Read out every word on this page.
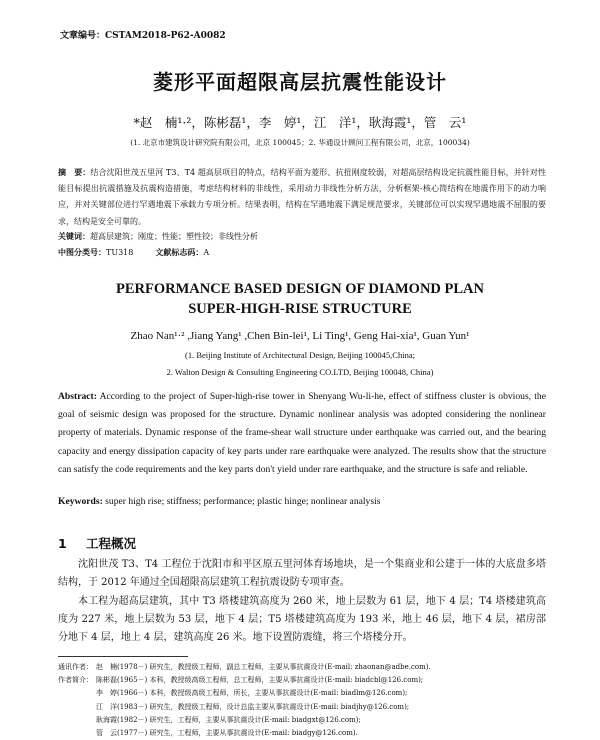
文章编号：CSTAM2018-P62-A0082
菱形平面超限高层抗震性能设计
*赵　楠¹·²，陈彬磊¹，李　婷¹，江　洋¹，耿海霞¹，管　云¹
(1. 北京市建筑设计研究院有限公司，北京 100045；2. 华通设计顾问工程有限公司，北京，100034)
摘　要：结合沈阳世茂五里河 T3、T4 超高层项目的特点，结构平面为菱形、抗扭刚度较弱，对超高层结构设定抗震性能目标，并针对性能目标提出抗震措施及抗震构造措施，考虑结构材料的非线性，采用动力非线性分析方法，分析框架-核心筒结构在地震作用下的动力响应，并对关键部位进行罕遇地震下承载力专项分析。结果表明，结构在罕遇地震下满足规范要求，关键部位可以实现罕遇地震不屈服的要求，结构是安全可靠的。
关键词：超高层建筑；刚度；性能；塑性铰；非线性分析
中图分类号：TU318	文献标志码：A
PERFORMANCE BASED DESIGN OF DIAMOND PLAN
SUPER-HIGH-RISE STRUCTURE
Zhao Nan¹·² ,Jiang Yang¹ ,Chen Bin-lei¹, Li Ting¹, Geng Hai-xia¹, Guan Yun¹
(1. Beijing Institute of Architectural Design, Beijing 100045,China;
2. Walton Design & Consulting Engineering CO.LTD, Beijing 100048, China)
Abstract: According to the project of Super-high-rise tower in Shenyang Wu-li-he, effect of stiffness cluster is obvious, the goal of seismic design was proposed for the structure. Dynamic nonlinear analysis was adopted considering the nonlinear property of materials. Dynamic response of the frame-shear wall structure under earthquake was carried out, and the bearing capacity and energy dissipation capacity of key parts under rare earthquake were analyzed. The results show that the structure can satisfy the code requirements and the key parts don't yield under rare earthquake, and the structure is safe and reliable.
Keywords: super high rise; stiffness; performance; plastic hinge; nonlinear analysis
1 工程概况

沈阳世茂 T3、T4 工程位于沈阳市和平区原五里河体育场地块，是一个集商业和公建于一体的大底盘多塔结构，于 2012 年通过全国超限高层建筑工程抗震设防专项审查。

本工程为超高层建筑，其中 T3 塔楼建筑高度为 260 米，地上层数为 61 层，地下 4 层；T4 塔楼建筑高度为 227 米，地上层数为 53 层，地下 4 层；T5 塔楼建筑高度为 193 米，地上 46 层，地下 4 层，裙房部分地下 4 层，地上 4 层，建筑高度 26 米。地下设置防震缝，将三个塔楼分开。

通讯作者： 赵　楠(1978－) 研究生，教授级工程师，副总工程师，主要从事抗震设计(E-mail: zhaonan@adbe.com).
作者简介： 陈彬磊(1965－) 本科，教授级高级工程师，总工程师，主要从事抗震设计(E-mail: biadcbl@126.com);
李　婷(1966－) 本科，教授级高级工程师，所长，主要从事抗震设计(E-mail: biadlm@126.com);
江　洋(1983－) 研究生，教授级工程师，设计总监主要从事抗震设计(E-mail: biadjhy@126.com);
耿海霞(1982－) 研究生，工程师，主要从事抗震设计(E-mail: biadgxt@126.com);
管　云(1977－) 研究生，工程师，主要从事抗震设计(E-mail: biadgy@126.com).
